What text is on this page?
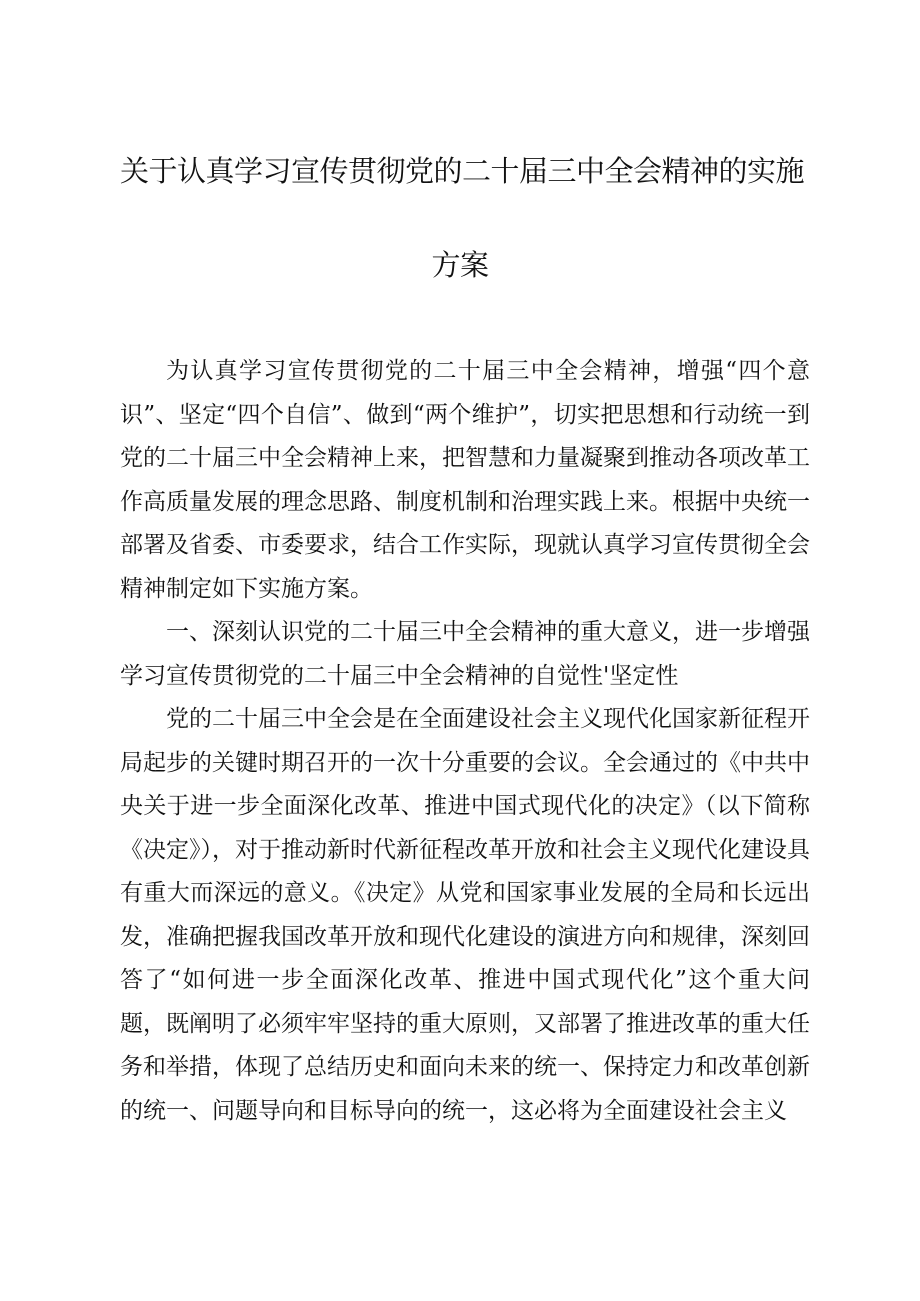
关于认真学习宣传贯彻党的二十届三中全会精神的实施
方案

为认真学习宣传贯彻党的二十届三中全会精神，增强“四个意识”、坚定“四个自信”、做到“两个维护”，切实把思想和行动统一到党的二十届三中全会精神上来，把智慧和力量凝聚到推动各项改革工作高质量发展的理念思路、制度机制和治理实践上来。根据中央统一部署及省委、市委要求，结合工作实际，现就认真学习宣传贯彻全会精神制定如下实施方案。

一、深刻认识党的二十届三中全会精神的重大意义，进一步增强学习宣传贯彻党的二十届三中全会精神的自觉性'坚定性

党的二十届三中全会是在全面建设社会主义现代化国家新征程开局起步的关键时期召开的一次十分重要的会议。全会通过的《中共中央关于进一步全面深化改革、推进中国式现代化的决定》（以下简称《决定》），对于推动新时代新征程改革开放和社会主义现代化建设具有重大而深远的意义。《决定》从党和国家事业发展的全局和长远出发，准确把握我国改革开放和现代化建设的演进方向和规律，深刻回答了“如何进一步全面深化改革、推进中国式现代化”这个重大问题，既阐明了必须牢牢坚持的重大原则，又部署了推进改革的重大任务和举措，体现了总结历史和面向未来的统一、保持定力和改革创新的统一、问题导向和目标导向的统一，这必将为全面建设社会主义
